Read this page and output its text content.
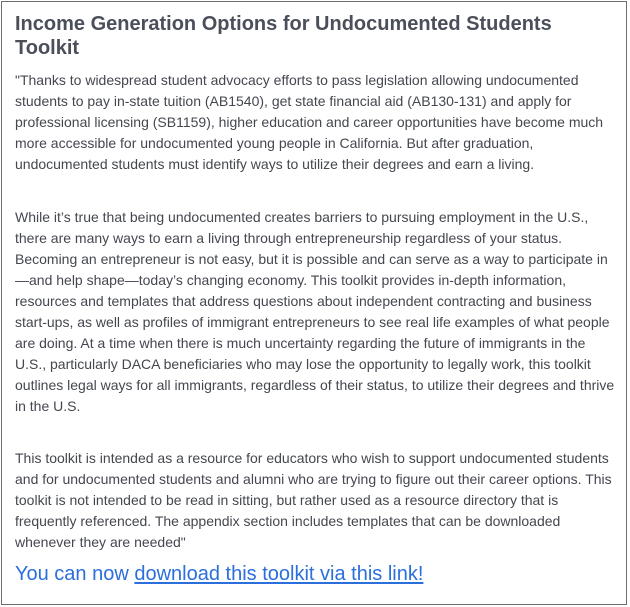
Income Generation Options for Undocumented Students Toolkit

"Thanks to widespread student advocacy efforts to pass legislation allowing undocumented students to pay in-state tuition (AB1540), get state financial aid (AB130-131) and apply for professional licensing (SB1159), higher education and career opportunities have become much more accessible for undocumented young people in California. But after graduation, undocumented students must identify ways to utilize their degrees and earn a living.

While it’s true that being undocumented creates barriers to pursuing employment in the U.S., there are many ways to earn a living through entrepreneurship regardless of your status. Becoming an entrepreneur is not easy, but it is possible and can serve as a way to participate in —and help shape—today’s changing economy. This toolkit provides in-depth information, resources and templates that address questions about independent contracting and business start-ups, as well as profiles of immigrant entrepreneurs to see real life examples of what people are doing. At a time when there is much uncertainty regarding the future of immigrants in the U.S., particularly DACA beneficiaries who may lose the opportunity to legally work, this toolkit outlines legal ways for all immigrants, regardless of their status, to utilize their degrees and thrive in the U.S.

This toolkit is intended as a resource for educators who wish to support undocumented students and for undocumented students and alumni who are trying to figure out their career options. This toolkit is not intended to be read in sitting, but rather used as a resource directory that is frequently referenced. The appendix section includes templates that can be downloaded whenever they are needed"

You can now download this toolkit via this link!
